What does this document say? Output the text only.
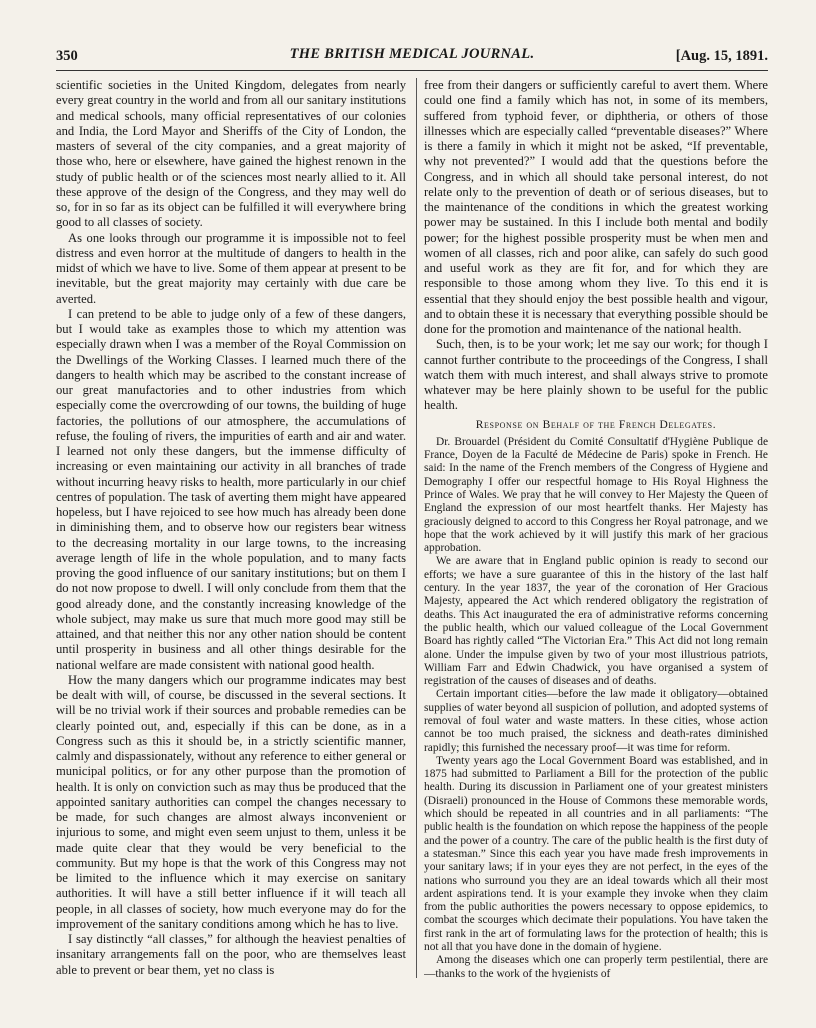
THE BRITISH MEDICAL JOURNAL.
350	[Aug. 15, 1891.

scientific societies in the United Kingdom, delegates from nearly every great country in the world and from all our sanitary institutions and medical schools, many official representatives of our colonies and India, the Lord Mayor and Sheriffs of the City of London, the masters of several of the city companies, and a great majority of those who, here or elsewhere, have gained the highest renown in the study of public health or of the sciences most nearly allied to it. All these approve of the design of the Congress, and they may well do so, for in so far as its object can be fulfilled it will everywhere bring good to all classes of society.

As one looks through our programme it is impossible not to feel distress and even horror at the multitude of dangers to health in the midst of which we have to live. Some of them appear at present to be inevitable, but the great majority may certainly with due care be averted.

I can pretend to be able to judge only of a few of these dangers, but I would take as examples those to which my attention was especially drawn when I was a member of the Royal Commission on the Dwellings of the Working Classes. I learned much there of the dangers to health which may be ascribed to the constant increase of our great manufactories and to other industries from which especially come the overcrowding of our towns, the building of huge factories, the pollutions of our atmosphere, the accumulations of refuse, the fouling of rivers, the impurities of earth and air and water. I learned not only these dangers, but the immense difficulty of increasing or even maintaining our activity in all branches of trade without incurring heavy risks to health, more particularly in our chief centres of population. The task of averting them might have appeared hopeless, but I have rejoiced to see how much has already been done in diminishing them, and to observe how our registers bear witness to the decreasing mortality in our large towns, to the increasing average length of life in the whole population, and to many facts proving the good influence of our sanitary institutions; but on them I do not now propose to dwell. I will only conclude from them that the good already done, and the constantly increasing knowledge of the whole subject, may make us sure that much more good may still be attained, and that neither this nor any other nation should be content until prosperity in business and all other things desirable for the national welfare are made consistent with national good health.

How the many dangers which our programme indicates may best be dealt with will, of course, be discussed in the several sections. It will be no trivial work if their sources and probable remedies can be clearly pointed out, and, especially if this can be done, as in a Congress such as this it should be, in a strictly scientific manner, calmly and dispassionately, without any reference to either general or municipal politics, or for any other purpose than the promotion of health. It is only on conviction such as may thus be produced that the appointed sanitary authorities can compel the changes necessary to be made, for such changes are almost always inconvenient or injurious to some, and might even seem unjust to them, unless it be made quite clear that they would be very beneficial to the community. But my hope is that the work of this Congress may not be limited to the influence which it may exercise on sanitary authorities. It will have a still better influence if it will teach all people, in all classes of society, how much everyone may do for the improvement of the sanitary conditions among which he has to live.

I say distinctly “all classes,” for although the heaviest penalties of insanitary arrangements fall on the poor, who are themselves least able to prevent or bear them, yet no class is

free from their dangers or sufficiently careful to avert them. Where could one find a family which has not, in some of its members, suffered from typhoid fever, or diphtheria, or others of those illnesses which are especially called “preventable diseases?” Where is there a family in which it might not be asked, “If preventable, why not prevented?” I would add that the questions before the Congress, and in which all should take personal interest, do not relate only to the prevention of death or of serious diseases, but to the maintenance of the conditions in which the greatest working power may be sustained. In this I include both mental and bodily power; for the highest possible prosperity must be when men and women of all classes, rich and poor alike, can safely do such good and useful work as they are fit for, and for which they are responsible to those among whom they live. To this end it is essential that they should enjoy the best possible health and vigour, and to obtain these it is necessary that everything possible should be done for the promotion and maintenance of the national health.

Such, then, is to be your work; let me say our work; for though I cannot further contribute to the proceedings of the Congress, I shall watch them with much interest, and shall always strive to promote whatever may be here plainly shown to be useful for the public health.

Response on Behalf of the French Delegates.

Dr. Brouardel (Président du Comité Consultatif d'Hygiène Publique de France, Doyen de la Faculté de Médecine de Paris) spoke in French. He said: In the name of the French members of the Congress of Hygiene and Demography I offer our respectful homage to His Royal Highness the Prince of Wales. We pray that he will convey to Her Majesty the Queen of England the expression of our most heartfelt thanks. Her Majesty has graciously deigned to accord to this Congress her Royal patronage, and we hope that the work achieved by it will justify this mark of her gracious approbation.

We are aware that in England public opinion is ready to second our efforts; we have a sure guarantee of this in the history of the last half century. In the year 1837, the year of the coronation of Her Gracious Majesty, appeared the Act which rendered obligatory the registration of deaths. This Act inaugurated the era of administrative reforms concerning the public health, which our valued colleague of the Local Government Board has rightly called “The Victorian Era.” This Act did not long remain alone. Under the impulse given by two of your most illustrious patriots, William Farr and Edwin Chadwick, you have organised a system of registration of the causes of diseases and of deaths.

Certain important cities—before the law made it obligatory—obtained supplies of water beyond all suspicion of pollution, and adopted systems of removal of foul water and waste matters. In these cities, whose action cannot be too much praised, the sickness and death-rates diminished rapidly; this furnished the necessary proof—it was time for reform.

Twenty years ago the Local Government Board was established, and in 1875 had submitted to Parliament a Bill for the protection of the public health. During its discussion in Parliament one of your greatest ministers (Disraeli) pronounced in the House of Commons these memorable words, which should be repeated in all countries and in all parliaments: “The public health is the foundation on which repose the happiness of the people and the power of a country. The care of the public health is the first duty of a statesman.” Since this each year you have made fresh improvements in your sanitary laws; if in your eyes they are not perfect, in the eyes of the nations who surround you they are an ideal towards which all their most ardent aspirations tend. It is your example they invoke when they claim from the public authorities the powers necessary to oppose epidemics, to combat the scourges which decimate their populations. You have taken the first rank in the art of formulating laws for the protection of health; this is not all that you have done in the domain of hygiene.

Among the diseases which one can properly term pestilential, there are—thanks to the work of the hygienists of
